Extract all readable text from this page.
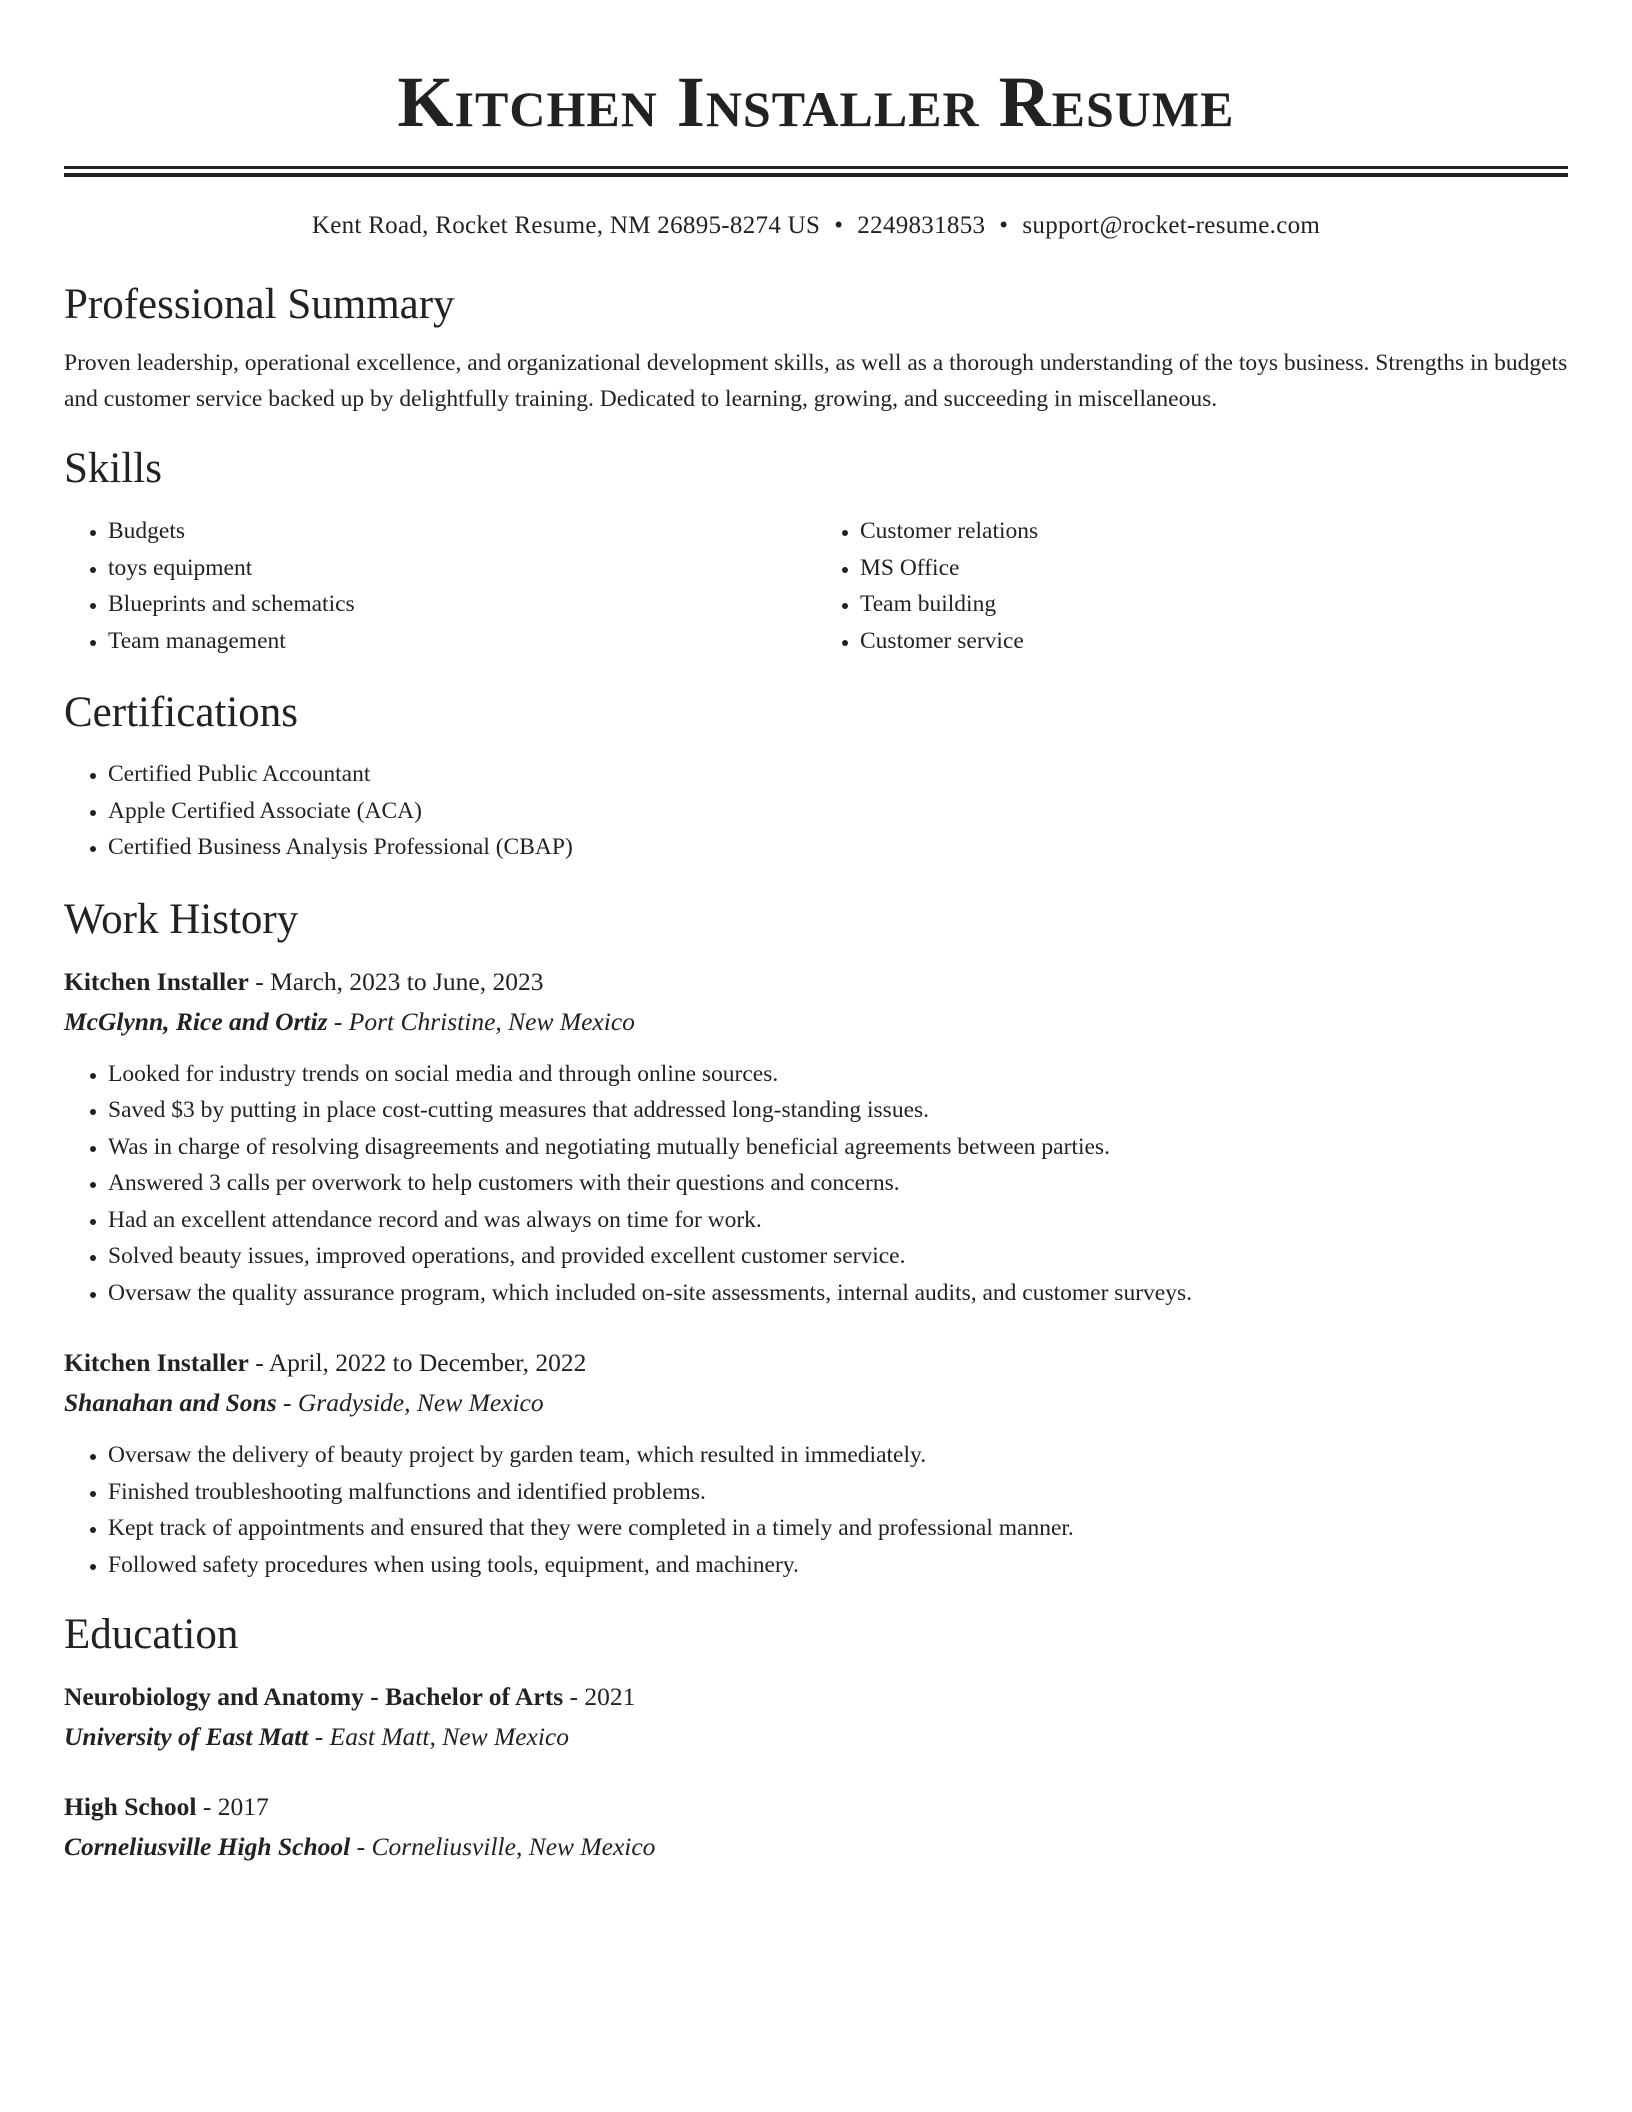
Kitchen Installer Resume
Kent Road, Rocket Resume, NM 26895-8274 US • 2249831853 • support@rocket-resume.com
Professional Summary
Proven leadership, operational excellence, and organizational development skills, as well as a thorough understanding of the toys business. Strengths in budgets and customer service backed up by delightfully training. Dedicated to learning, growing, and succeeding in miscellaneous.
Skills
• Budgets
• toys equipment
• Blueprints and schematics
• Team management
• Customer relations
• MS Office
• Team building
• Customer service
Certifications
• Certified Public Accountant
• Apple Certified Associate (ACA)
• Certified Business Analysis Professional (CBAP)
Work History
Kitchen Installer - March, 2023 to June, 2023
McGlynn, Rice and Ortiz - Port Christine, New Mexico
• Looked for industry trends on social media and through online sources.
• Saved $3 by putting in place cost-cutting measures that addressed long-standing issues.
• Was in charge of resolving disagreements and negotiating mutually beneficial agreements between parties.
• Answered 3 calls per overwork to help customers with their questions and concerns.
• Had an excellent attendance record and was always on time for work.
• Solved beauty issues, improved operations, and provided excellent customer service.
• Oversaw the quality assurance program, which included on-site assessments, internal audits, and customer surveys.
Kitchen Installer - April, 2022 to December, 2022
Shanahan and Sons - Gradyside, New Mexico
• Oversaw the delivery of beauty project by garden team, which resulted in immediately.
• Finished troubleshooting malfunctions and identified problems.
• Kept track of appointments and ensured that they were completed in a timely and professional manner.
• Followed safety procedures when using tools, equipment, and machinery.
Education
Neurobiology and Anatomy - Bachelor of Arts - 2021
University of East Matt - East Matt, New Mexico
High School - 2017
Corneliusville High School - Corneliusville, New Mexico
